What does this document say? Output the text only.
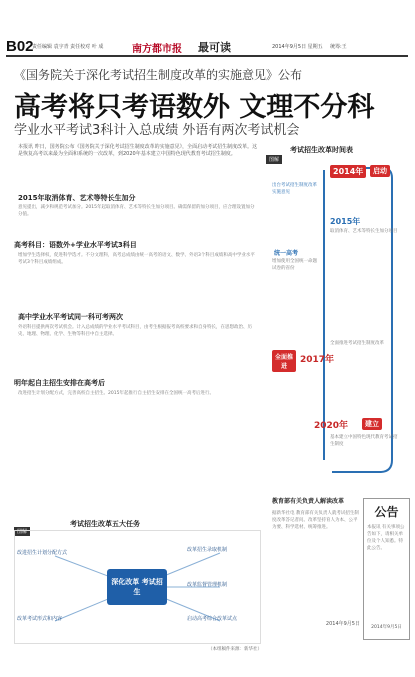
B02
责任编辑 袁宇青 责任校对 叶 成	南方都市报 最可读	2014年9月5日 星期五 统筹:王
《国务院关于深化考试招生制度改革的实施意见》公布
高考将只考语数外 文理不分科
学业水平考试3科计入总成绩 外语有两次考试机会
本报讯 昨日，国务院公布《国务院关于深化考试招生制度改革的实施意见》，全面启动考试招生制度改革。这是恢复高考以来最为全面和系统的一次改革，到2020年基本建立中国特色现代教育考试招生制度。
2015年取消体育、艺术等特长生加分
意见提出，减少和规范考试加分。2015年起取消体育、艺术等特长生加分项目。确需保留的加分项目，应合理设置加分分值。
高考科目：语数外+学业水平考试3科目
增加学生选择权，促进科学选才。不分文理科，高考总成绩由统一高考的语文、数学、外语3个科目成绩和高中学业水平考试3个科目成绩组成。
高中学业水平考试同一科可考两次
外语科目提供两次考试机会。计入总成绩的学业水平考试科目，由考生根据报考高校要求和自身特长，在思想政治、历史、地理、物理、化学、生物等科目中自主选择。
明年起自主招生安排在高考后
改进招生计划分配方式，完善高校自主招生。2015年起推行自主招生安排在全国统一高考后进行。
图解
考试招生改革五大任务
深化改革 考试招生
改进招生计划分配方式
改革考试形式和内容
改革招生录取机制
改革监督管理机制
启动高考综合改革试点
（本组稿件来源：新华社）
图解
考试招生改革时间表
2014年	启动
出台考试招生制度改革实施意见
2015年
取消体育、艺术等特长生加分项目
统一高考
增加使用全国统一命题试卷的省份
全面推进
2017年
全面推进考试招生制度改革
2020年	建立
基本建立中国特色现代教育考试招生制度
教育部有关负责人解读改革
据新华社电 教育部有关负责人就考试招生制度改革答记者问。改革坚持育人为本、公平为要、科学选材、统筹推进。
2014年9月5日
公告
本报讯 有关事项公告如下，请相关单位及个人知悉。特此公告。
2014年9月5日
